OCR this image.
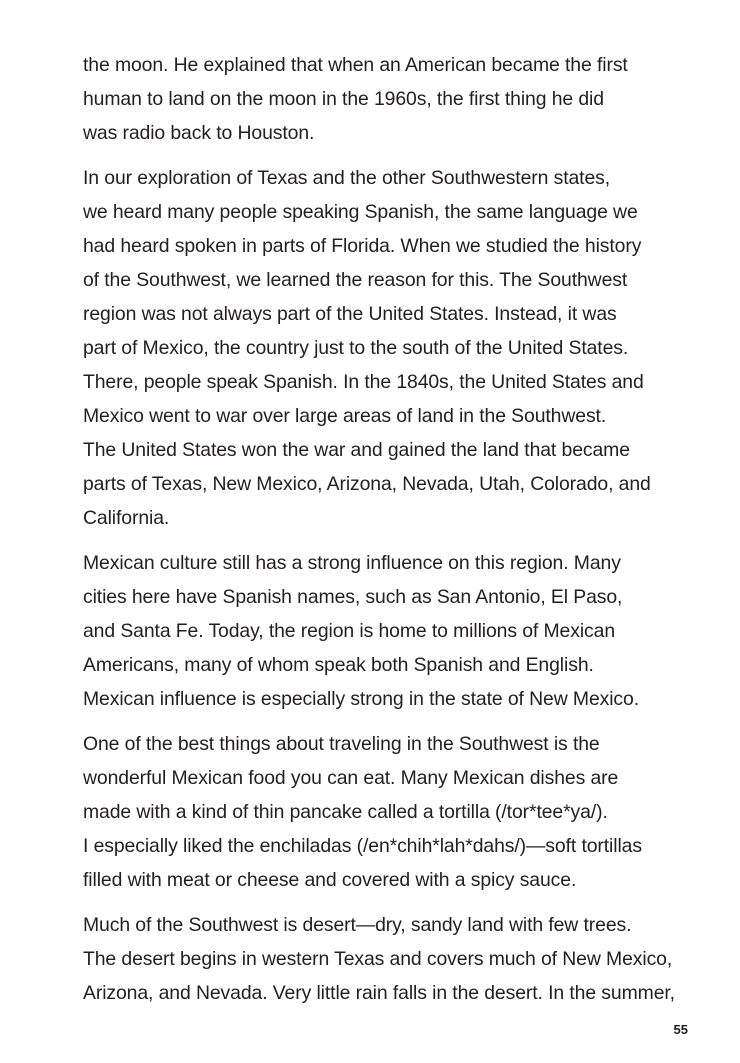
the moon. He explained that when an American became the first
human to land on the moon in the 1960s, the first thing he did
was radio back to Houston.

In our exploration of Texas and the other Southwestern states,
we heard many people speaking Spanish, the same language we
had heard spoken in parts of Florida. When we studied the history
of the Southwest, we learned the reason for this. The Southwest
region was not always part of the United States. Instead, it was
part of Mexico, the country just to the south of the United States.
There, people speak Spanish. In the 1840s, the United States and
Mexico went to war over large areas of land in the Southwest.
The United States won the war and gained the land that became
parts of Texas, New Mexico, Arizona, Nevada, Utah, Colorado, and
California.

Mexican culture still has a strong influence on this region. Many
cities here have Spanish names, such as San Antonio, El Paso,
and Santa Fe. Today, the region is home to millions of Mexican
Americans, many of whom speak both Spanish and English.
Mexican influence is especially strong in the state of New Mexico.

One of the best things about traveling in the Southwest is the
wonderful Mexican food you can eat. Many Mexican dishes are
made with a kind of thin pancake called a tortilla (/tor*tee*ya/).
I especially liked the enchiladas (/en*chih*lah*dahs/)—soft tortillas
filled with meat or cheese and covered with a spicy sauce.

Much of the Southwest is desert—dry, sandy land with few trees.
The desert begins in western Texas and covers much of New Mexico,
Arizona, and Nevada. Very little rain falls in the desert. In the summer,

55
